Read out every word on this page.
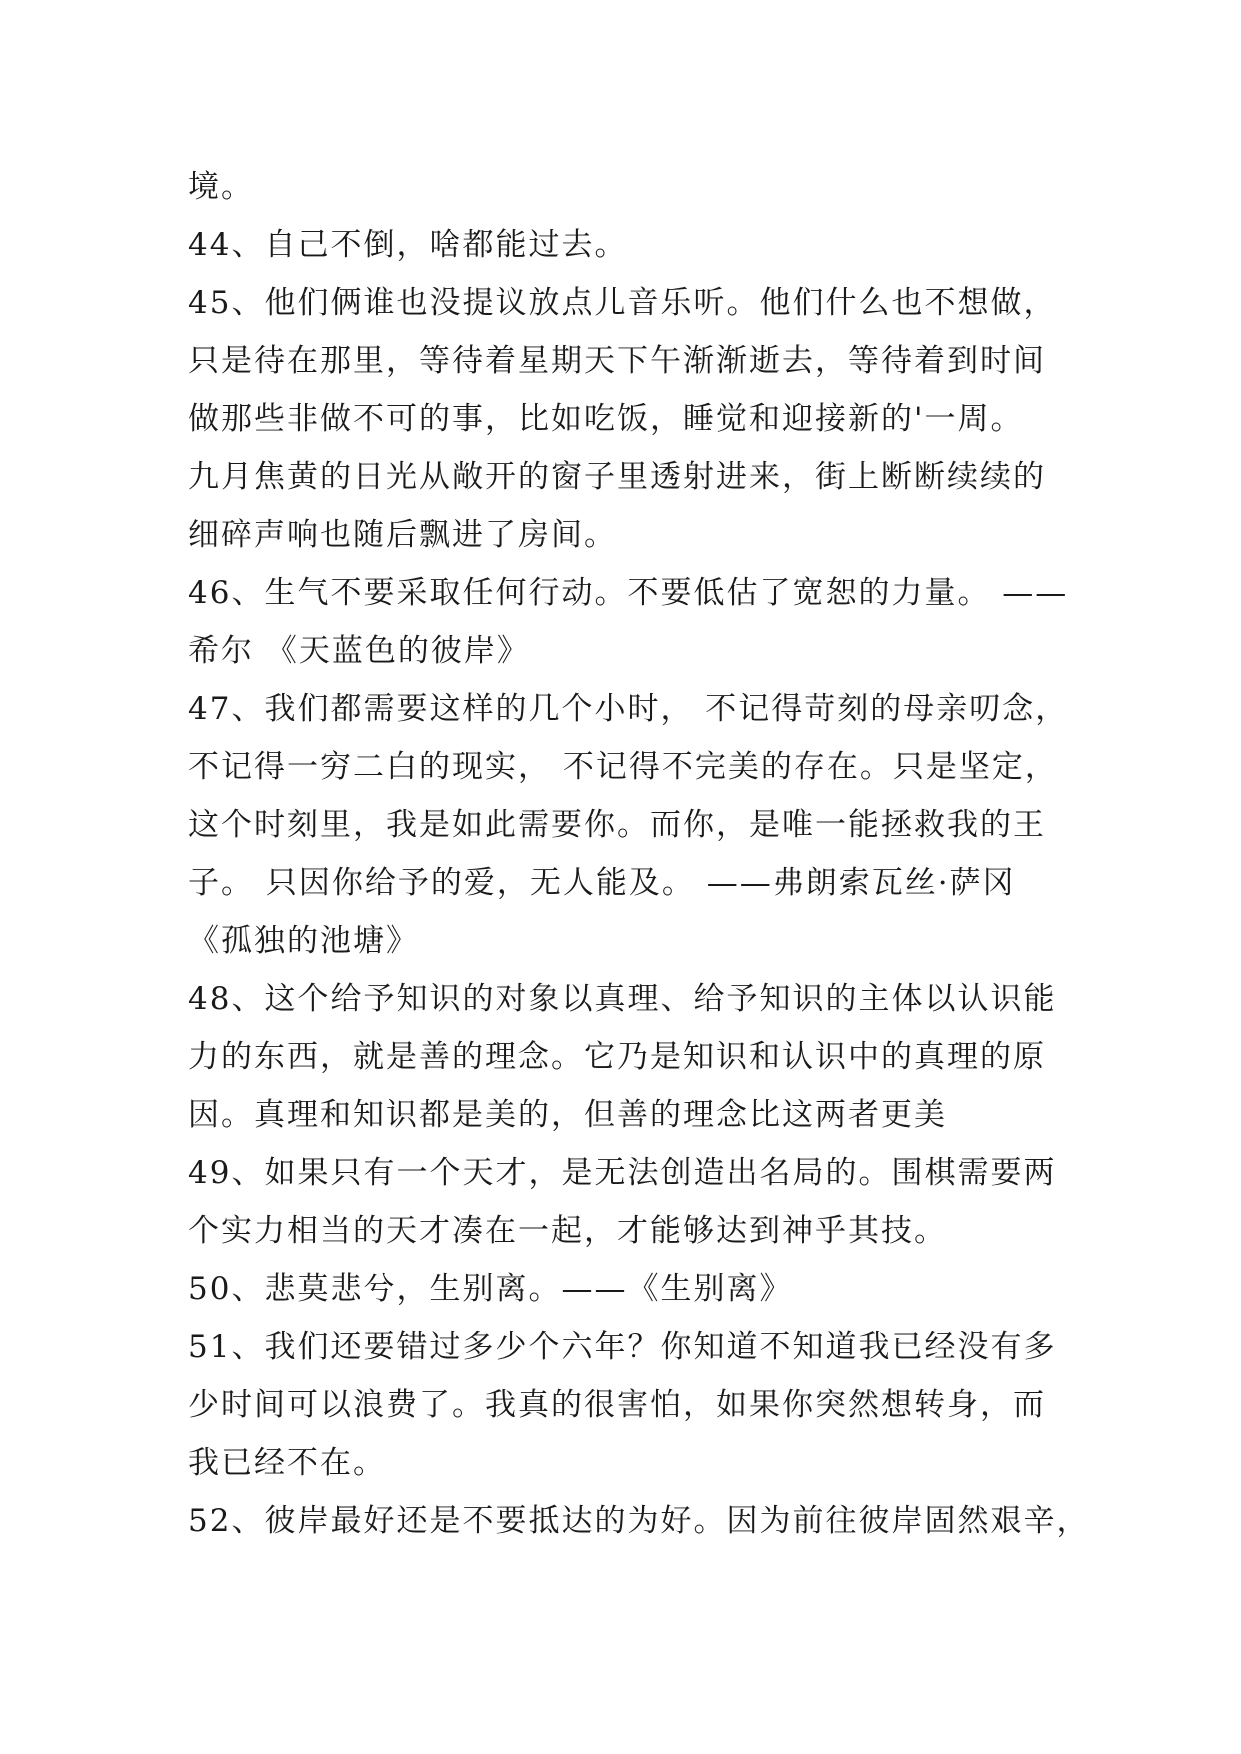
境。
44、自己不倒，啥都能过去。
45、他们俩谁也没提议放点儿音乐听。他们什么也不想做，
只是待在那里，等待着星期天下午渐渐逝去，等待着到时间
做那些非做不可的事，比如吃饭，睡觉和迎接新的'一周。
九月焦黄的日光从敞开的窗子里透射进来，街上断断续续的
细碎声响也随后飘进了房间。
46、生气不要采取任何行动。不要低估了宽恕的力量。 ——
希尔 《天蓝色的彼岸》
47、我们都需要这样的几个小时， 不记得苛刻的母亲叨念，
不记得一穷二白的现实， 不记得不完美的存在。只是坚定，
这个时刻里，我是如此需要你。而你，是唯一能拯救我的王
子。 只因你给予的爱，无人能及。 ——弗朗索瓦丝·萨冈
《孤独的池塘》
48、这个给予知识的对象以真理、给予知识的主体以认识能
力的东西，就是善的理念。它乃是知识和认识中的真理的原
因。真理和知识都是美的，但善的理念比这两者更美
49、如果只有一个天才，是无法创造出名局的。围棋需要两
个实力相当的天才凑在一起，才能够达到神乎其技。
50、悲莫悲兮，生别离。——《生别离》
51、我们还要错过多少个六年？你知道不知道我已经没有多
少时间可以浪费了。我真的很害怕，如果你突然想转身，而
我已经不在。
52、彼岸最好还是不要抵达的为好。因为前往彼岸固然艰辛，
